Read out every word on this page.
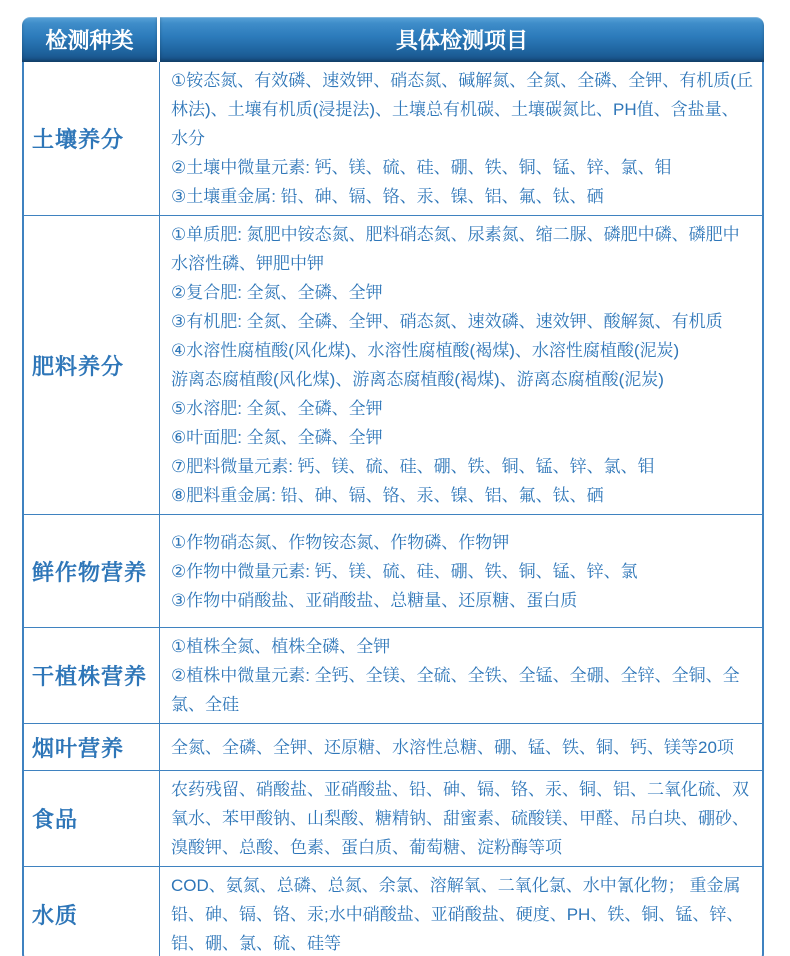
检测种类	具体检测项目
土壤养分
①铵态氮、有效磷、速效钾、硝态氮、碱解氮、全氮、全磷、全钾、有机质(丘林法)、土壤有机质(浸提法)、土壤总有机碳、土壤碳氮比、PH值、含盐量、水分
②土壤中微量元素: 钙、镁、硫、硅、硼、铁、铜、锰、锌、氯、钼
③土壤重金属: 铅、砷、镉、铬、汞、镍、铝、氟、钛、硒
肥料养分
①单质肥: 氮肥中铵态氮、肥料硝态氮、尿素氮、缩二脲、磷肥中磷、磷肥中水溶性磷、钾肥中钾
②复合肥: 全氮、全磷、全钾
③有机肥: 全氮、全磷、全钾、硝态氮、速效磷、速效钾、酸解氮、有机质
④水溶性腐植酸(风化煤)、水溶性腐植酸(褐煤)、水溶性腐植酸(泥炭)
游离态腐植酸(风化煤)、游离态腐植酸(褐煤)、游离态腐植酸(泥炭)
⑤水溶肥: 全氮、全磷、全钾
⑥叶面肥: 全氮、全磷、全钾
⑦肥料微量元素: 钙、镁、硫、硅、硼、铁、铜、锰、锌、氯、钼
⑧肥料重金属: 铅、砷、镉、铬、汞、镍、铝、氟、钛、硒
鲜作物营养
①作物硝态氮、作物铵态氮、作物磷、作物钾
②作物中微量元素: 钙、镁、硫、硅、硼、铁、铜、锰、锌、氯
③作物中硝酸盐、亚硝酸盐、总糖量、还原糖、蛋白质
干植株营养
①植株全氮、植株全磷、全钾
②植株中微量元素: 全钙、全镁、全硫、全铁、全锰、全硼、全锌、全铜、全氯、全硅
烟叶营养	全氮、全磷、全钾、还原糖、水溶性总糖、硼、锰、铁、铜、钙、镁等20项
食品
农药残留、硝酸盐、亚硝酸盐、铅、砷、镉、铬、汞、铜、铝、二氧化硫、双氧水、苯甲酸钠、山梨酸、糖精钠、甜蜜素、硫酸镁、甲醛、吊白块、硼砂、溴酸钾、总酸、色素、蛋白质、葡萄糖、淀粉酶等项
水质
COD、氨氮、总磷、总氮、余氯、溶解氧、二氧化氯、水中氰化物； 重金属铅、砷、镉、铬、汞;水中硝酸盐、亚硝酸盐、硬度、PH、铁、铜、锰、锌、铝、硼、氯、硫、硅等
